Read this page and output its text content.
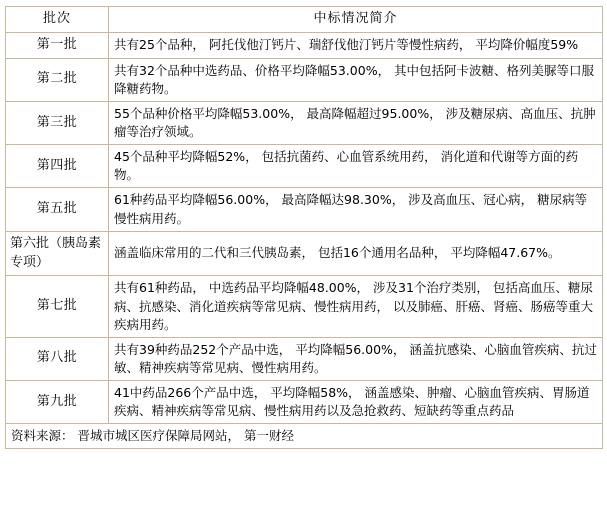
批次	中标情况简介
第一批	共有25个品种， 阿托伐他汀钙片、瑞舒伐他汀钙片等慢性病药， 平均降价幅度59%
第二批	共有32个品种中选药品、价格平均降幅53.00%， 其中包括阿卡波糖、格列美脲等口服降糖药物。
第三批	55个品种价格平均降幅53.00%， 最高降幅超过95.00%， 涉及糖尿病、高血压、抗肿瘤等治疗领域。
第四批	45个品种平均降幅52%， 包括抗菌药、心血管系统用药， 消化道和代谢等方面的药物。
第五批	61种药品平均降幅56.00%， 最高降幅达98.30%， 涉及高血压、冠心病， 糖尿病等慢性病用药。
第六批（胰岛素专项）	涵盖临床常用的二代和三代胰岛素， 包括16个通用名品种， 平均降幅47.67%。
第七批	共有61种药品， 中选药品平均降幅48.00%， 涉及31个治疗类别， 包括高血压、糖尿病、抗感染、消化道疾病等常见病、慢性病用药， 以及肺癌、肝癌、肾癌、肠癌等重大疾病用药。
第八批	共有39种药品252个产品中选， 平均降幅56.00%， 涵盖抗感染、心脑血管疾病、抗过敏、精神疾病等常见病、慢性病用药。
第九批	41中药品266个产品中选， 平均降幅58%， 涵盖感染、肿瘤、心脑血管疾病、胃肠道疾病、精神疾病等常见病、慢性病用药以及急抢救药、短缺药等重点药品
资料来源： 晋城市城区医疗保障局网站， 第一财经	
